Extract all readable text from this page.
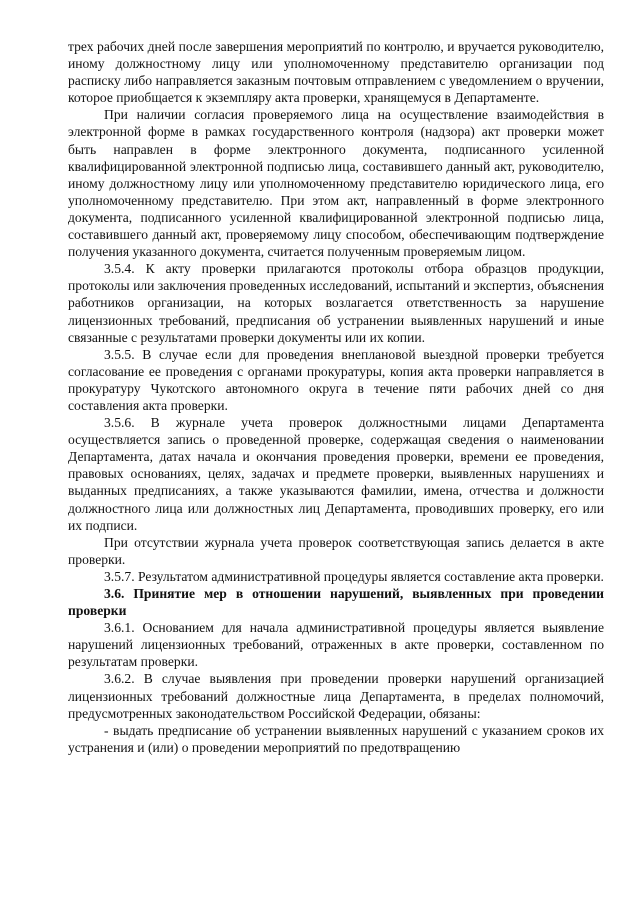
трех рабочих дней после завершения мероприятий по контролю, и вручается руководителю, иному должностному лицу или уполномоченному представителю организации под расписку либо направляется заказным почтовым отправлением с уведомлением о вручении, которое приобщается к экземпляру акта проверки, хранящемуся в Департаменте.

При наличии согласия проверяемого лица на осуществление взаимодействия в электронной форме в рамках государственного контроля (надзора) акт проверки может быть направлен в форме электронного документа, подписанного усиленной квалифицированной электронной подписью лица, составившего данный акт, руководителю, иному должностному лицу или уполномоченному представителю юридического лица, его уполномоченному представителю. При этом акт, направленный в форме электронного документа, подписанного усиленной квалифицированной электронной подписью лица, составившего данный акт, проверяемому лицу способом, обеспечивающим подтверждение получения указанного документа, считается полученным проверяемым лицом.

3.5.4. К акту проверки прилагаются протоколы отбора образцов продукции, протоколы или заключения проведенных исследований, испытаний и экспертиз, объяснения работников организации, на которых возлагается ответственность за нарушение лицензионных требований, предписания об устранении выявленных нарушений и иные связанные с результатами проверки документы или их копии.

3.5.5. В случае если для проведения внеплановой выездной проверки требуется согласование ее проведения с органами прокуратуры, копия акта проверки направляется в прокуратуру Чукотского автономного округа в течение пяти рабочих дней со дня составления акта проверки.

3.5.6. В журнале учета проверок должностными лицами Департамента осуществляется запись о проведенной проверке, содержащая сведения о наименовании Департамента, датах начала и окончания проведения проверки, времени ее проведения, правовых основаниях, целях, задачах и предмете проверки, выявленных нарушениях и выданных предписаниях, а также указываются фамилии, имена, отчества и должности должностного лица или должностных лиц Департамента, проводивших проверку, его или их подписи.

При отсутствии журнала учета проверок соответствующая запись делается в акте проверки.

3.5.7. Результатом административной процедуры является составление акта проверки.

3.6. Принятие мер в отношении нарушений, выявленных при проведении проверки

3.6.1. Основанием для начала административной процедуры является выявление нарушений лицензионных требований, отраженных в акте проверки, составленном по результатам проверки.

3.6.2. В случае выявления при проведении проверки нарушений организацией лицензионных требований должностные лица Департамента, в пределах полномочий, предусмотренных законодательством Российской Федерации, обязаны:

- выдать предписание об устранении выявленных нарушений с указанием сроков их устранения и (или) о проведении мероприятий по предотвращению
